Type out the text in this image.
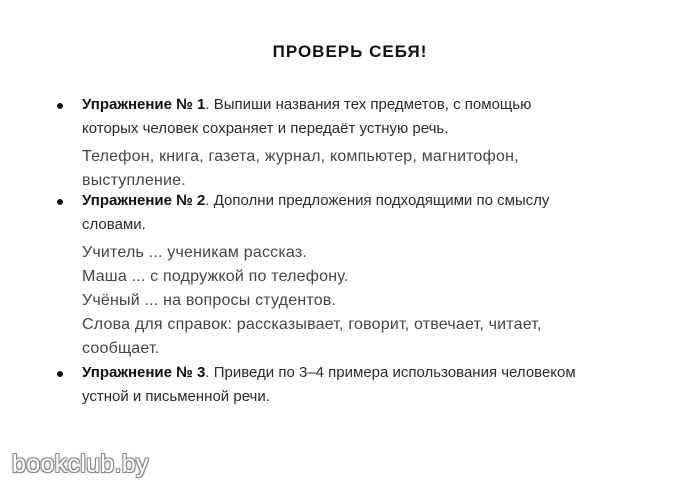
ПРОВЕРЬ СЕБЯ!
Упражнение № 1. Выпиши названия тех предметов, с помощью
которых человек сохраняет и передаёт устную речь.
Телефон, книга, газета, журнал, компьютер, магнитофон,
выступление.
Упражнение № 2. Дополни предложения подходящими по смыслу
словами.
Учитель ... ученикам рассказ.
Маша ... с подружкой по телефону.
Учёный ... на вопросы студентов.
Слова для справок: рассказывает, говорит, отвечает, читает,
сообщает.
Упражнение № 3. Приведи по 3–4 примера использования человеком
устной и письменной речи.
bookclub.by
